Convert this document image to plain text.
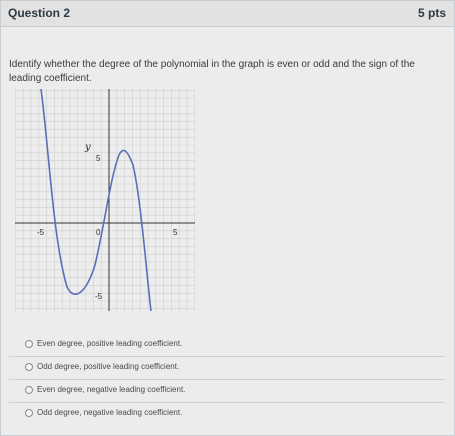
Question 2	5 pts
Identify whether the degree of the polynomial in the graph is even or odd and the sign of the leading coefficient.
y
-5	0	5
5
-5
Even degree, positive leading coefficient.
Odd degree, positive leading coefficient.
Even degree, negative leading coefficient.
Odd degree, negative leading coefficient.
